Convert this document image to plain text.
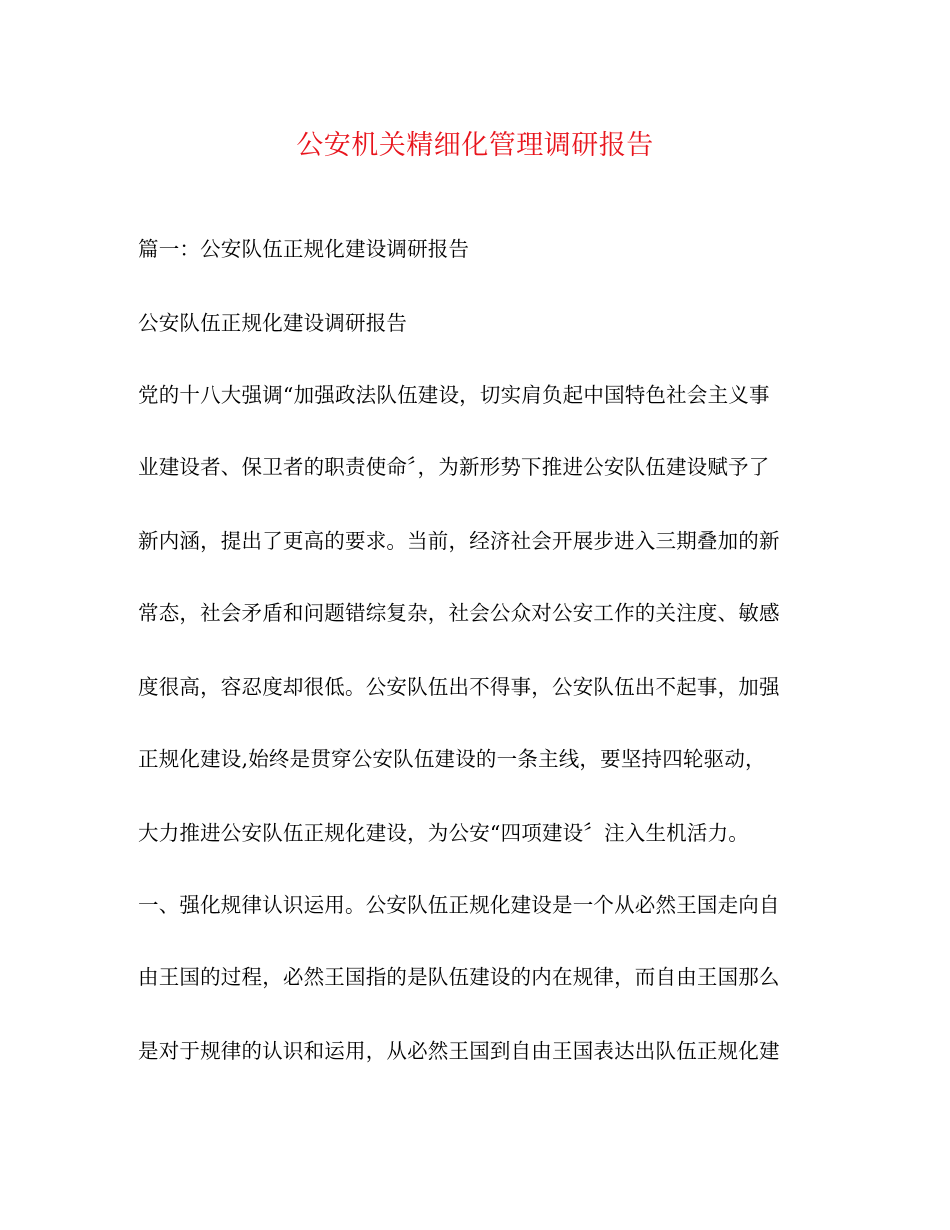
公安机关精细化管理调研报告
篇一：公安队伍正规化建设调研报告
公安队伍正规化建设调研报告
党的十八大强调“加强政法队伍建设，切实肩负起中国特色社会主义事
业建设者、保卫者的职责使命〞，为新形势下推进公安队伍建设赋予了
新内涵，提出了更高的要求。当前，经济社会开展步进入三期叠加的新
常态，社会矛盾和问题错综复杂，社会公众对公安工作的关注度、敏感
度很高，容忍度却很低。公安队伍出不得事，公安队伍出不起事，加强
正规化建设,始终是贯穿公安队伍建设的一条主线，要坚持四轮驱动，
大力推进公安队伍正规化建设，为公安“四项建设〞注入生机活力。
一、强化规律认识运用。公安队伍正规化建设是一个从必然王国走向自
由王国的过程，必然王国指的是队伍建设的内在规律，而自由王国那么
是对于规律的认识和运用，从必然王国到自由王国表达出队伍正规化建
